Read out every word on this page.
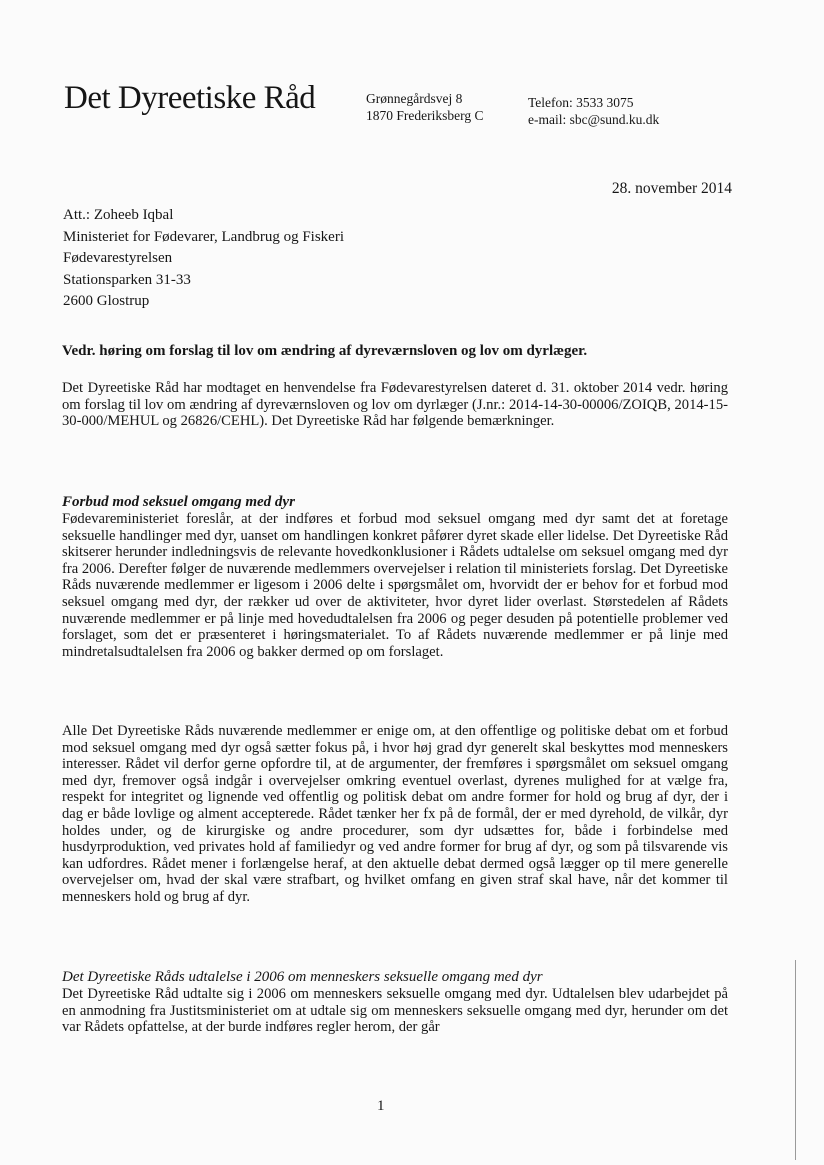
Det Dyreetiske Råd	Grønnegårdsvej 8
1870 Frederiksberg C
Telefon: 3533 3075
e-mail: sbc@sund.ku.dk
28. november 2014
Att.: Zoheeb Iqbal
Ministeriet for Fødevarer, Landbrug og Fiskeri
Fødevarestyrelsen
Stationsparken 31-33
2600 Glostrup
Vedr. høring om forslag til lov om ændring af dyreværnsloven og lov om dyrlæger.
Det Dyreetiske Råd har modtaget en henvendelse fra Fødevarestyrelsen dateret d. 31. oktober 2014 vedr. høring om forslag til lov om ændring af dyreværnsloven og lov om dyrlæger (J.nr.: 2014-14-30-00006/ZOIQB, 2014-15-30-000/MEHUL og 26826/CEHL). Det Dyreetiske Råd har følgende bemærkninger.
Forbud mod seksuel omgang med dyr
Fødevareministeriet foreslår, at der indføres et forbud mod seksuel omgang med dyr samt det at foretage seksuelle handlinger med dyr, uanset om handlingen konkret påfører dyret skade eller lidelse. Det Dyreetiske Råd skitserer herunder indledningsvis de relevante hovedkonklusioner i Rådets udtalelse om seksuel omgang med dyr fra 2006. Derefter følger de nuværende medlemmers overvejelser i relation til ministeriets forslag. Det Dyreetiske Råds nuværende medlemmer er ligesom i 2006 delte i spørgsmålet om, hvorvidt der er behov for et forbud mod seksuel omgang med dyr, der rækker ud over de aktiviteter, hvor dyret lider overlast. Størstedelen af Rådets nuværende medlemmer er på linje med hovedudtalelsen fra 2006 og peger desuden på potentielle problemer ved forslaget, som det er præsenteret i høringsmaterialet. To af Rådets nuværende medlemmer er på linje med mindretalsudtalelsen fra 2006 og bakker dermed op om forslaget.
Alle Det Dyreetiske Råds nuværende medlemmer er enige om, at den offentlige og politiske debat om et forbud mod seksuel omgang med dyr også sætter fokus på, i hvor høj grad dyr generelt skal beskyttes mod menneskers interesser. Rådet vil derfor gerne opfordre til, at de argumenter, der fremføres i spørgsmålet om seksuel omgang med dyr, fremover også indgår i overvejelser omkring eventuel overlast, dyrenes mulighed for at vælge fra, respekt for integritet og lignende ved offentlig og politisk debat om andre former for hold og brug af dyr, der i dag er både lovlige og alment accepterede. Rådet tænker her fx på de formål, der er med dyrehold, de vilkår, dyr holdes under, og de kirurgiske og andre procedurer, som dyr udsættes for, både i forbindelse med husdyrproduktion, ved privates hold af familiedyr og ved andre former for brug af dyr, og som på tilsvarende vis kan udfordres. Rådet mener i forlængelse heraf, at den aktuelle debat dermed også lægger op til mere generelle overvejelser om, hvad der skal være strafbart, og hvilket omfang en given straf skal have, når det kommer til menneskers hold og brug af dyr.
Det Dyreetiske Råds udtalelse i 2006 om menneskers seksuelle omgang med dyr
Det Dyreetiske Råd udtalte sig i 2006 om menneskers seksuelle omgang med dyr. Udtalelsen blev udarbejdet på en anmodning fra Justitsministeriet om at udtale sig om menneskers seksuelle omgang med dyr, herunder om det var Rådets opfattelse, at der burde indføres regler herom, der går
1
